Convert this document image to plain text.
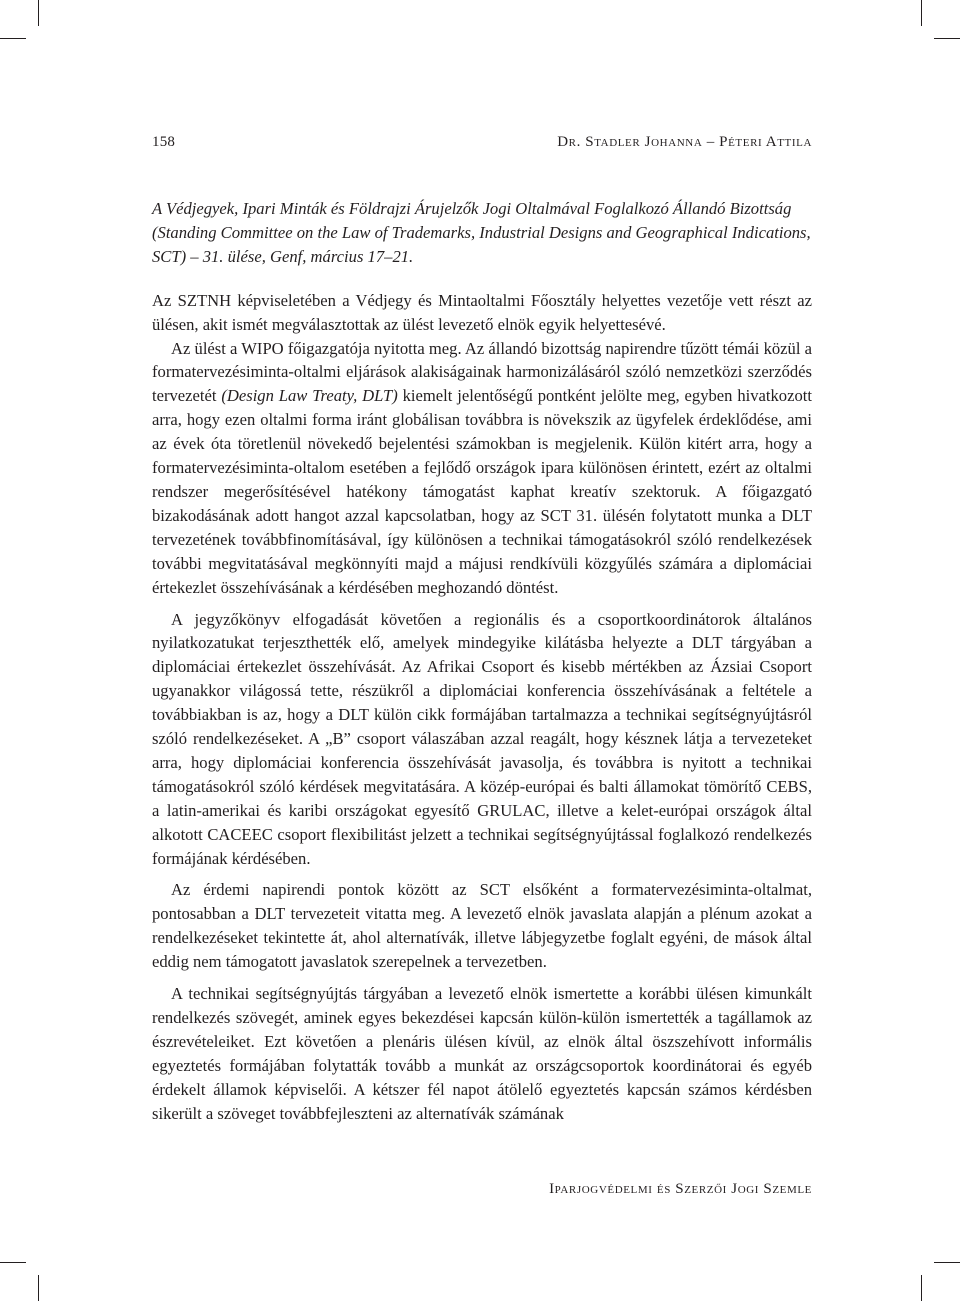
158	Dr. Stadler Johanna – Péteri Attila

A Védjegyek, Ipari Minták és Földrajzi Árujelzők Jogi Oltalmával Foglalkozó Állandó Bizottság (Standing Committee on the Law of Trademarks, Industrial Designs and Geographical Indications, SCT) – 31. ülése, Genf, március 17–21.

Az SZTNH képviseletében a Védjegy és Mintaoltalmi Főosztály helyettes vezetője vett részt az ülésen, akit ismét megválasztottak az ülést levezető elnök egyik helyettesévé.

Az ülést a WIPO főigazgatója nyitotta meg. Az állandó bizottság napirendre tűzött témái közül a formatervezésiminta-oltalmi eljárások alakiságainak harmonizálásáról szóló nemzetközi szerződés tervezetét (Design Law Treaty, DLT) kiemelt jelentőségű pontként jelölte meg, egyben hivatkozott arra, hogy ezen oltalmi forma iránt globálisan továbbra is növekszik az ügyfelek érdeklődése, ami az évek óta töretlenül növekedő bejelentési számokban is megjelenik. Külön kitért arra, hogy a formatervezésiminta-oltalom esetében a fejlődő országok ipara különösen érintett, ezért az oltalmi rendszer megerősítésével hatékony támogatást kaphat kreatív szektoruk. A főigazgató bizakodásának adott hangot azzal kapcsolatban, hogy az SCT 31. ülésén folytatott munka a DLT tervezetének továbbfinomításával, így különösen a technikai támogatásokról szóló rendelkezések további megvitatásával megkönnyíti majd a májusi rendkívüli közgyűlés számára a diplomáciai értekezlet összehívásának a kérdésében meghozandó döntést.

A jegyzőkönyv elfogadását követően a regionális és a csoportkoordinátorok általános nyilatkozatukat terjeszthették elő, amelyek mindegyike kilátásba helyezte a DLT tárgyában a diplomáciai értekezlet összehívását. Az Afrikai Csoport és kisebb mértékben az Ázsiai Csoport ugyanakkor világossá tette, részükről a diplomáciai konferencia összehívásának a feltétele a továbbiakban is az, hogy a DLT külön cikk formájában tartalmazza a technikai segítségnyújtásról szóló rendelkezéseket. A „B” csoport válaszában azzal reagált, hogy késznek látja a tervezeteket arra, hogy diplomáciai konferencia összehívását javasolja, és továbbra is nyitott a technikai támogatásokról szóló kérdések megvitatására. A közép-európai és balti államokat tömörítő CEBS, a latin-amerikai és karibi országokat egyesítő GRULAC, illetve a kelet-európai országok által alkotott CACEEC csoport flexibilitást jelzett a technikai segítségnyújtással foglalkozó rendelkezés formájának kérdésében.

Az érdemi napirendi pontok között az SCT elsőként a formatervezésiminta-oltalmat, pontosabban a DLT tervezeteit vitatta meg. A levezető elnök javaslata alapján a plénum azokat a rendelkezéseket tekintette át, ahol alternatívák, illetve lábjegyzetbe foglalt egyéni, de mások által eddig nem támogatott javaslatok szerepelnek a tervezetben.

A technikai segítségnyújtás tárgyában a levezető elnök ismertette a korábbi ülésen kimunkált rendelkezés szövegét, aminek egyes bekezdései kapcsán külön-külön ismertették a tagállamok az észrevételeiket. Ezt követően a plenáris ülésen kívül, az elnök által öszszehívott informális egyeztetés formájában folytatták tovább a munkát az országcsoportok koordinátorai és egyéb érdekelt államok képviselői. A kétszer fél napot átölelő egyeztetés kapcsán számos kérdésben sikerült a szöveget továbbfejleszteni az alternatívák számának

Iparjogvédelmi és Szerzői Jogi Szemle
